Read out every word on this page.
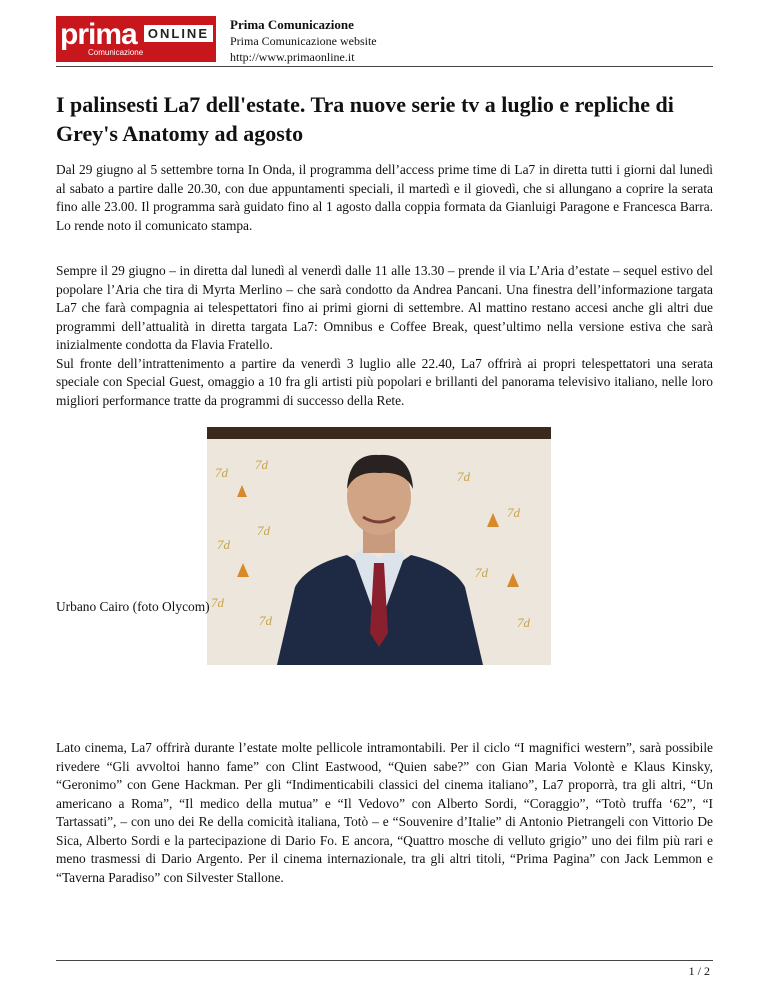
prima ONLINE
Comunicazione
Prima Comunicazione
Prima Comunicazione website
http://www.primaonline.it
I palinsesti La7 dell'estate. Tra nuove serie tv a luglio e repliche di Grey's Anatomy ad agosto

Dal 29 giugno al 5 settembre torna In Onda, il programma dell’access prime time di La7 in diretta tutti i giorni dal lunedì al sabato a partire dalle 20.30, con due appuntamenti speciali, il martedì e il giovedì, che si allungano a coprire la serata fino alle 23.00. Il programma sarà guidato fino al 1 agosto dalla coppia formata da Gianluigi Paragone e Francesca Barra. Lo rende noto il comunicato stampa.

Sempre il 29 giugno – in diretta dal lunedì al venerdì dalle 11 alle 13.30 – prende il via L’Aria d’estate – sequel estivo del popolare l’Aria che tira di Myrta Merlino – che sarà condotto da Andrea Pancani. Una finestra dell’informazione targata La7 che farà compagnia ai telespettatori fino ai primi giorni di settembre. Al mattino restano accesi anche gli altri due programmi dell’attualità in diretta targata La7: Omnibus e Coffee Break, quest’ultimo nella versione estiva che sarà inizialmente condotta da Flavia Fratello.
Sul fronte dell’intrattenimento a partire da venerdì 3 luglio alle 22.40, La7 offrirà ai propri telespettatori una serata speciale con Special Guest, omaggio a 10 fra gli artisti più popolari e brillanti del panorama televisivo italiano, nelle loro migliori performance tratte da programmi di successo della Rete.
7d
7d
7d
7d
7d
7d
7d
7d
7d
7d

Urbano Cairo (foto Olycom)

Lato cinema, La7 offrirà durante l’estate molte pellicole intramontabili. Per il ciclo “I magnifici western”, sarà possibile rivedere “Gli avvoltoi hanno fame” con Clint Eastwood, “Quien sabe?” con Gian Maria Volontè e Klaus Kinsky, “Geronimo” con Gene Hackman. Per gli “Indimenticabili classici del cinema italiano”, La7 proporrà, tra gli altri, “Un americano a Roma”, “Il medico della mutua” e “Il Vedovo” con Alberto Sordi, “Coraggio”, “Totò truffa ‘62”, “I Tartassati”, – con uno dei Re della comicità italiana, Totò – e “Souvenire d’Italie” di Antonio Pietrangeli con Vittorio De Sica, Alberto Sordi e la partecipazione di Dario Fo. E ancora, “Quattro mosche di velluto grigio” uno dei film più rari e meno trasmessi di Dario Argento. Per il cinema internazionale, tra gli altri titoli, “Prima Pagina” con Jack Lemmon e “Taverna Paradiso” con Silvester Stallone.

1 / 2
